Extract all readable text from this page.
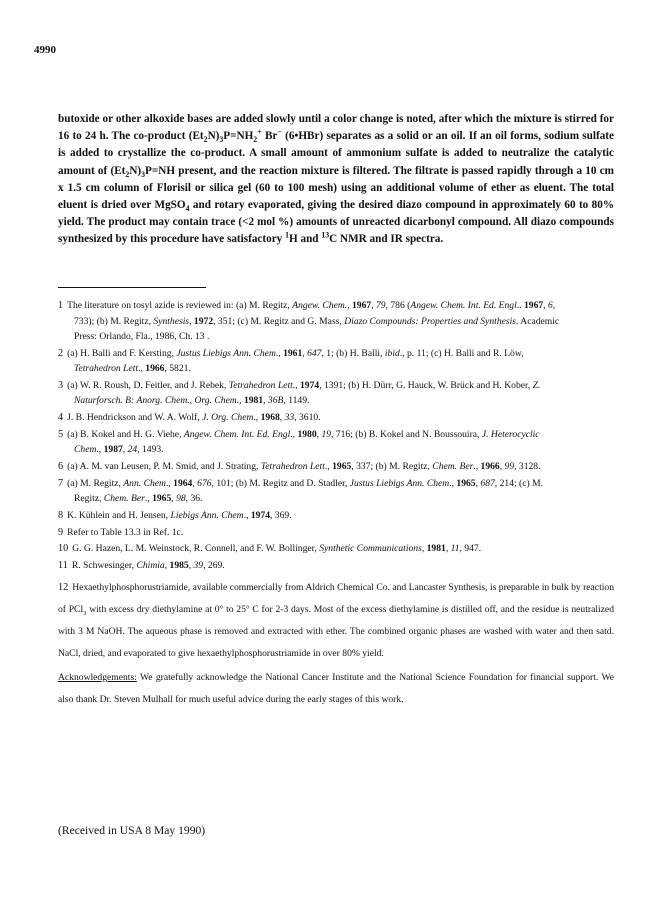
4990
butoxide or other alkoxide bases are added slowly until a color change is noted, after which the mixture is stirred for 16 to 24 h. The co-product $(Et_2N)_3P=NH_2^+$ Br− (6•HBr) separates as a solid or an oil. If an oil forms, sodium sulfate is added to crystallize the co-product. A small amount of ammonium sulfate is added to neutralize the catalytic amount of $(Et_2N)_3P=NH$ present, and the reaction mixture is filtered. The filtrate is passed rapidly through a 10 cm x 1.5 cm column of Florisil or silica gel (60 to 100 mesh) using an additional volume of ether as eluent. The total eluent is dried over MgSO$_4$ and rotary evaporated, giving the desired diazo compound in approximately 60 to 80% yield. The product may contain trace (<2 mol %) amounts of unreacted dicarbonyl compound. All diazo compounds synthesized by this procedure have satisfactory $^1$H and $^{13}$C NMR and IR spectra.
1 The literature on tosyl azide is reviewed in: (a) M. Regitz, Angew. Chem., 1967, 79, 786 (Angew. Chem. Int. Ed. Engl.. 1967, 6,
733); (b) M. Regitz, Synthesis, 1972, 351; (c) M. Regitz and G. Mass, Diazo Compounds: Properties and Synthesis. Academic
Press: Orlando, Fla., 1986, Ch. 13 .
2 (a) H. Balli and F. Kersting, Justus Liebigs Ann. Chem., 1961, 647, 1; (b) H. Balli, ibid., p. 11; (c) H. Balli and R. Löw,
Tetrahedron Lett., 1966, 5821.
3 (a) W. R. Roush, D. Feitler, and J. Rebek, Tetrahedron Lett., 1974, 1391; (b) H. Dürr, G. Hauck, W. Brück and H. Kober, Z.
Naturforsch. B: Anorg. Chem., Org. Chem., 1981, 36B, 1149.
4 J. B. Hendrickson and W. A. Wolf, J. Org. Chem., 1968, 33, 3610.
5 (a) B. Kokel and H. G. Viehe, Angew. Chem. Int. Ed. Engl., 1980, 19, 716; (b) B. Kokel and N. Boussouira, J. Heterocyclic
Chem., 1987, 24, 1493.
6 (a) A. M. van Leusen, P. M. Smid, and J. Strating, Tetrahedron Lett., 1965, 337; (b) M. Regitz, Chem. Ber., 1966, 99, 3128.
7 (a) M. Regitz, Ann. Chem., 1964, 676, 101; (b) M. Regitz and D. Stadler, Justus Liebigs Ann. Chem., 1965, 687, 214; (c) M.
Regitz, Chem. Ber., 1965, 98, 36.
8 K. Kühlein and H. Jensen, Liebigs Ann. Chem., 1974, 369.
9 Refer to Table 13.3 in Ref. 1c.
10 G. G. Hazen, L. M. Weinstock, R. Connell, and F. W. Bollinger, Synthetic Communications, 1981, 11, 947.
11 R. Schwesinger, Chimia, 1985, 39, 269.
12 Hexaethylphosphorustriamide, available commercially from Aldrich Chemical Co. and Lancaster Synthesis, is preparable in bulk by reaction of PCl$_3$ with excess dry diethylamine at 0° to 25° C for 2-3 days. Most of the excess diethylamine is distilled off, and the residue is neutralized with 3 M NaOH. The aqueous phase is removed and extracted with ether. The combined organic phases are washed with water and then satd. NaCl, dried, and evaporated to give hexaethylphosphorustriamide in over 80% yield.
Acknowledgements: We gratefully acknowledge the National Cancer Institute and the National Science Foundation for financial support. We also thank Dr. Steven Mulhall for much useful advice during the early stages of this work.
(Received in USA 8 May 1990)
